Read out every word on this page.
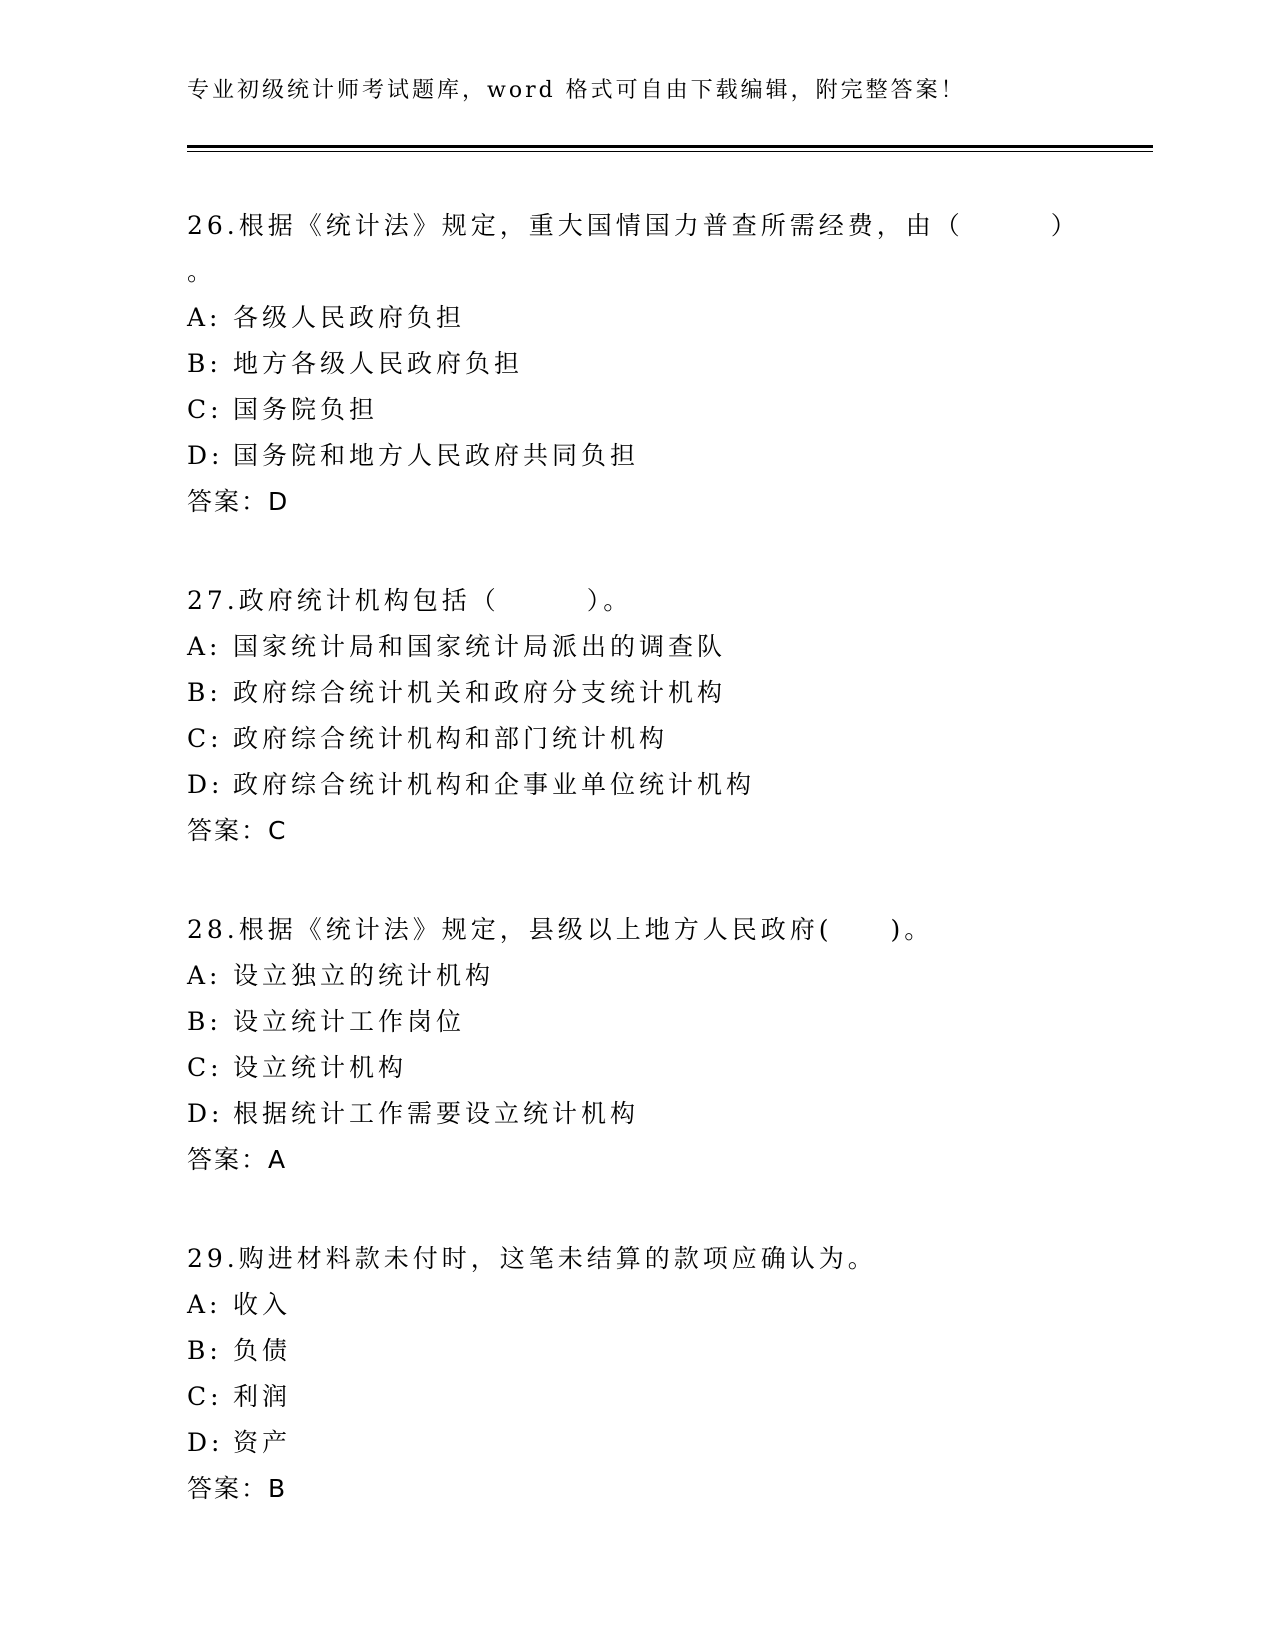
专业初级统计师考试题库，word 格式可自由下载编辑，附完整答案！
26.根据《统计法》规定，重大国情国力普查所需经费，由（　　　）
。
A: 各级人民政府负担
B: 地方各级人民政府负担
C: 国务院负担
D: 国务院和地方人民政府共同负担
答案：D
27.政府统计机构包括（　　　）。
A: 国家统计局和国家统计局派出的调查队
B: 政府综合统计机关和政府分支统计机构
C: 政府综合统计机构和部门统计机构
D: 政府综合统计机构和企事业单位统计机构
答案：C
28.根据《统计法》规定，县级以上地方人民政府(　　)。
A: 设立独立的统计机构
B: 设立统计工作岗位
C: 设立统计机构
D: 根据统计工作需要设立统计机构
答案：A
29.购进材料款未付时，这笔未结算的款项应确认为。
A: 收入
B: 负债
C: 利润
D: 资产
答案：B
